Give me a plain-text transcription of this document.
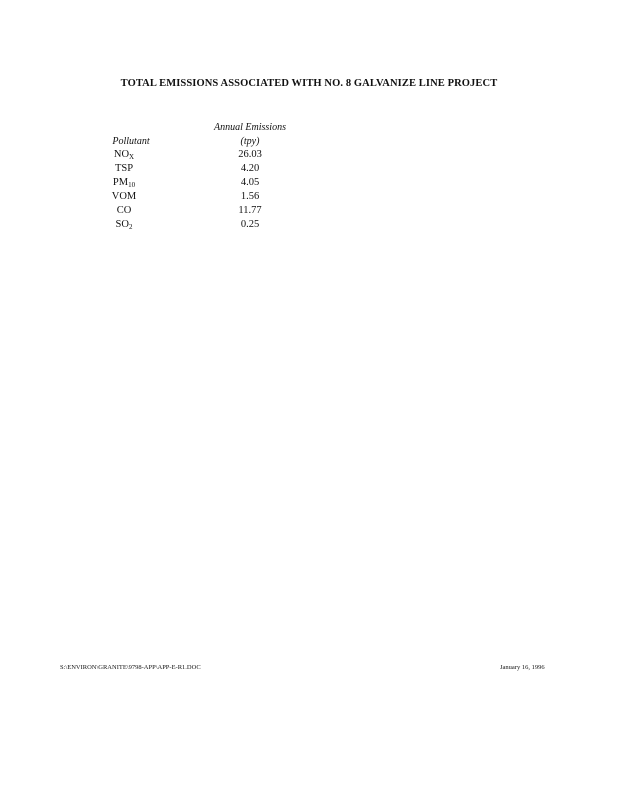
TOTAL EMISSIONS ASSOCIATED WITH NO. 8 GALVANIZE LINE PROJECT
Annual Emissions
Pollutant	(tpy)
$NO_X$	26.03
TSP	4.20
$PM_{10}$	4.05
VOM	1.56
CO	11.77
$SO_2$	0.25
S:\ENVIRON\GRANITE\9798-APP\APP-E-R1.DOC	January 16, 1996
